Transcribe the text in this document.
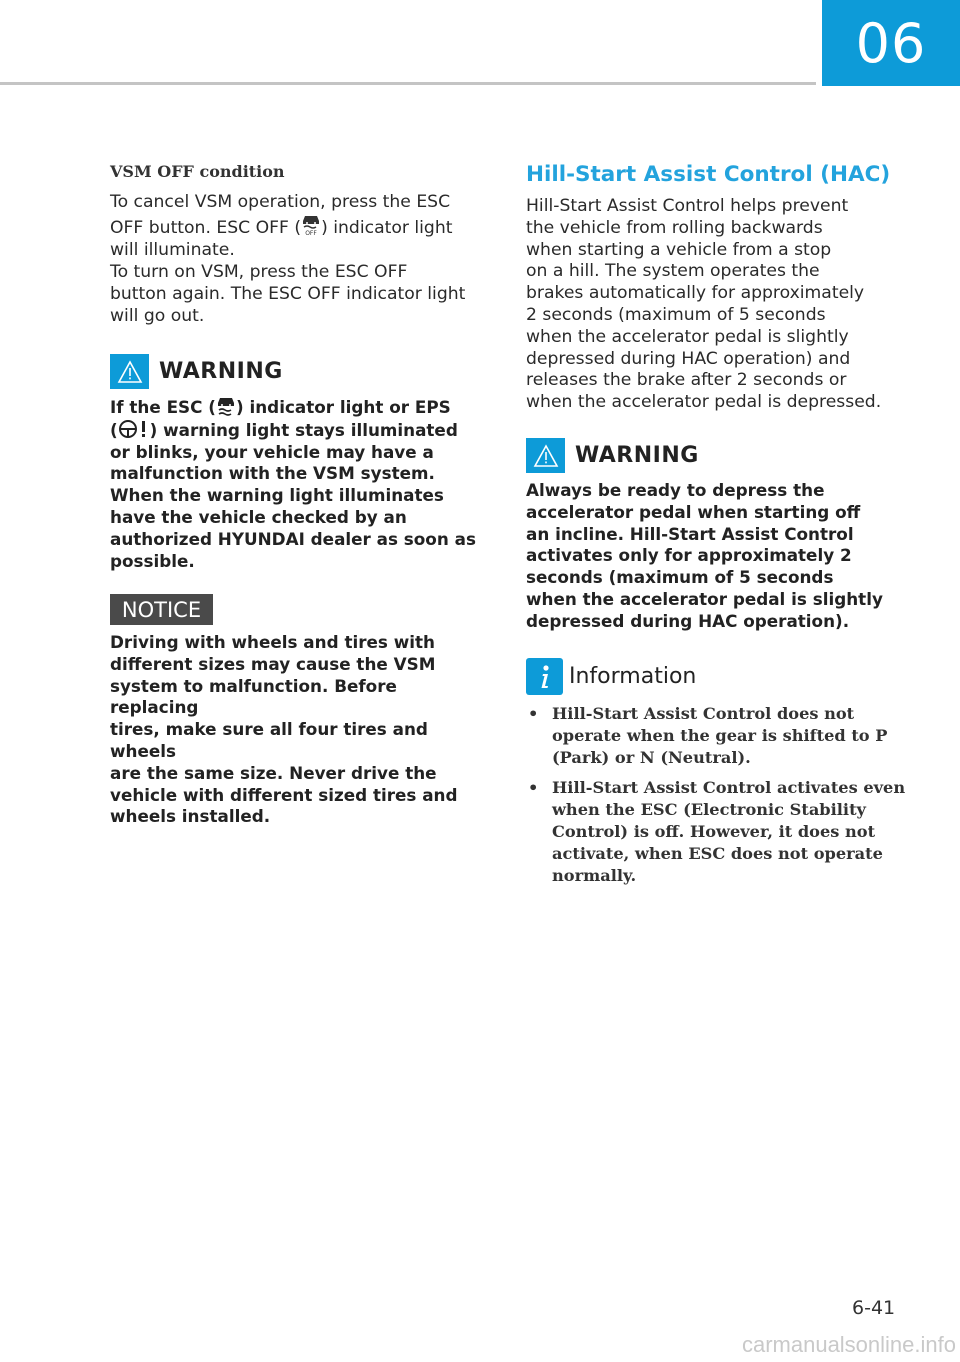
06
VSM OFF condition

To cancel VSM operation, press the ESC
OFF button. ESC OFF ( OFF ) indicator light
will illuminate.

To turn on VSM, press the ESC OFF
button again. The ESC OFF indicator light
will go out.

WARNING

If the ESC ( ) indicator light or EPS
( ) warning light stays illuminated
or blinks, your vehicle may have a
malfunction with the VSM system.
When the warning light illuminates
have the vehicle checked by an
authorized HYUNDAI dealer as soon as
possible.

NOTICE

Driving with wheels and tires with
different sizes may cause the VSM
system to malfunction. Before replacing
tires, make sure all four tires and wheels
are the same size. Never drive the
vehicle with different sized tires and
wheels installed.

Hill-Start Assist Control (HAC)

Hill-Start Assist Control helps prevent
the vehicle from rolling backwards
when starting a vehicle from a stop
on a hill. The system operates the
brakes automatically for approximately
2 seconds (maximum of 5 seconds
when the accelerator pedal is slightly
depressed during HAC operation) and
releases the brake after 2 seconds or
when the accelerator pedal is depressed.

WARNING

Always be ready to depress the
accelerator pedal when starting off
an incline. Hill-Start Assist Control
activates only for approximately 2
seconds (maximum of 5 seconds
when the accelerator pedal is slightly
depressed during HAC operation).

Information
• Hill-Start Assist Control does not operate when the gear is shifted to P (Park) or N (Neutral).
• Hill-Start Assist Control activates even when the ESC (Electronic Stability Control) is off. However, it does not activate, when ESC does not operate normally.
6-41
carmanualsonline.info
